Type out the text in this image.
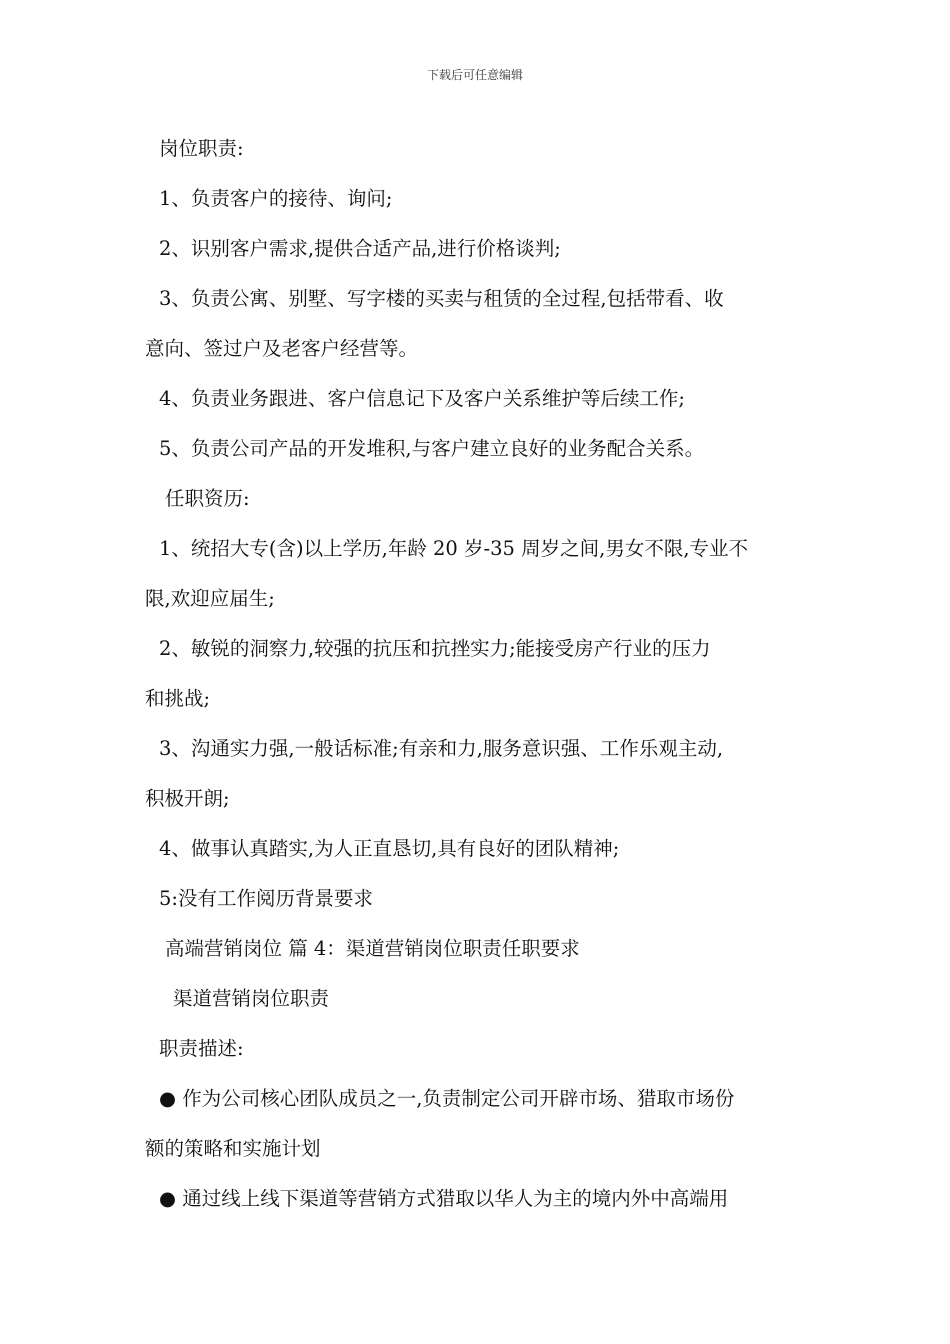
下载后可任意编辑
岗位职责:
1、负责客户的接待、询问;
2、识别客户需求,提供合适产品,进行价格谈判;
3、负责公寓、别墅、写字楼的买卖与租赁的全过程,包括带看、收
意向、签过户及老客户经营等。
4、负责业务跟进、客户信息记下及客户关系维护等后续工作;
5、负责公司产品的开发堆积,与客户建立良好的业务配合关系。
任职资历:
1、统招大专(含)以上学历,年龄 20 岁-35 周岁之间,男女不限,专业不
限,欢迎应届生;
2、敏锐的洞察力,较强的抗压和抗挫实力;能接受房产行业的压力
和挑战;
3、沟通实力强,一般话标准;有亲和力,服务意识强、工作乐观主动,
积极开朗;
4、做事认真踏实,为人正直恳切,具有良好的团队精神;
5:没有工作阅历背景要求
高端营销岗位 篇 4：渠道营销岗位职责任职要求
渠道营销岗位职责
职责描述:
● 作为公司核心团队成员之一,负责制定公司开辟市场、猎取市场份
额的策略和实施计划
● 通过线上线下渠道等营销方式猎取以华人为主的境内外中高端用
